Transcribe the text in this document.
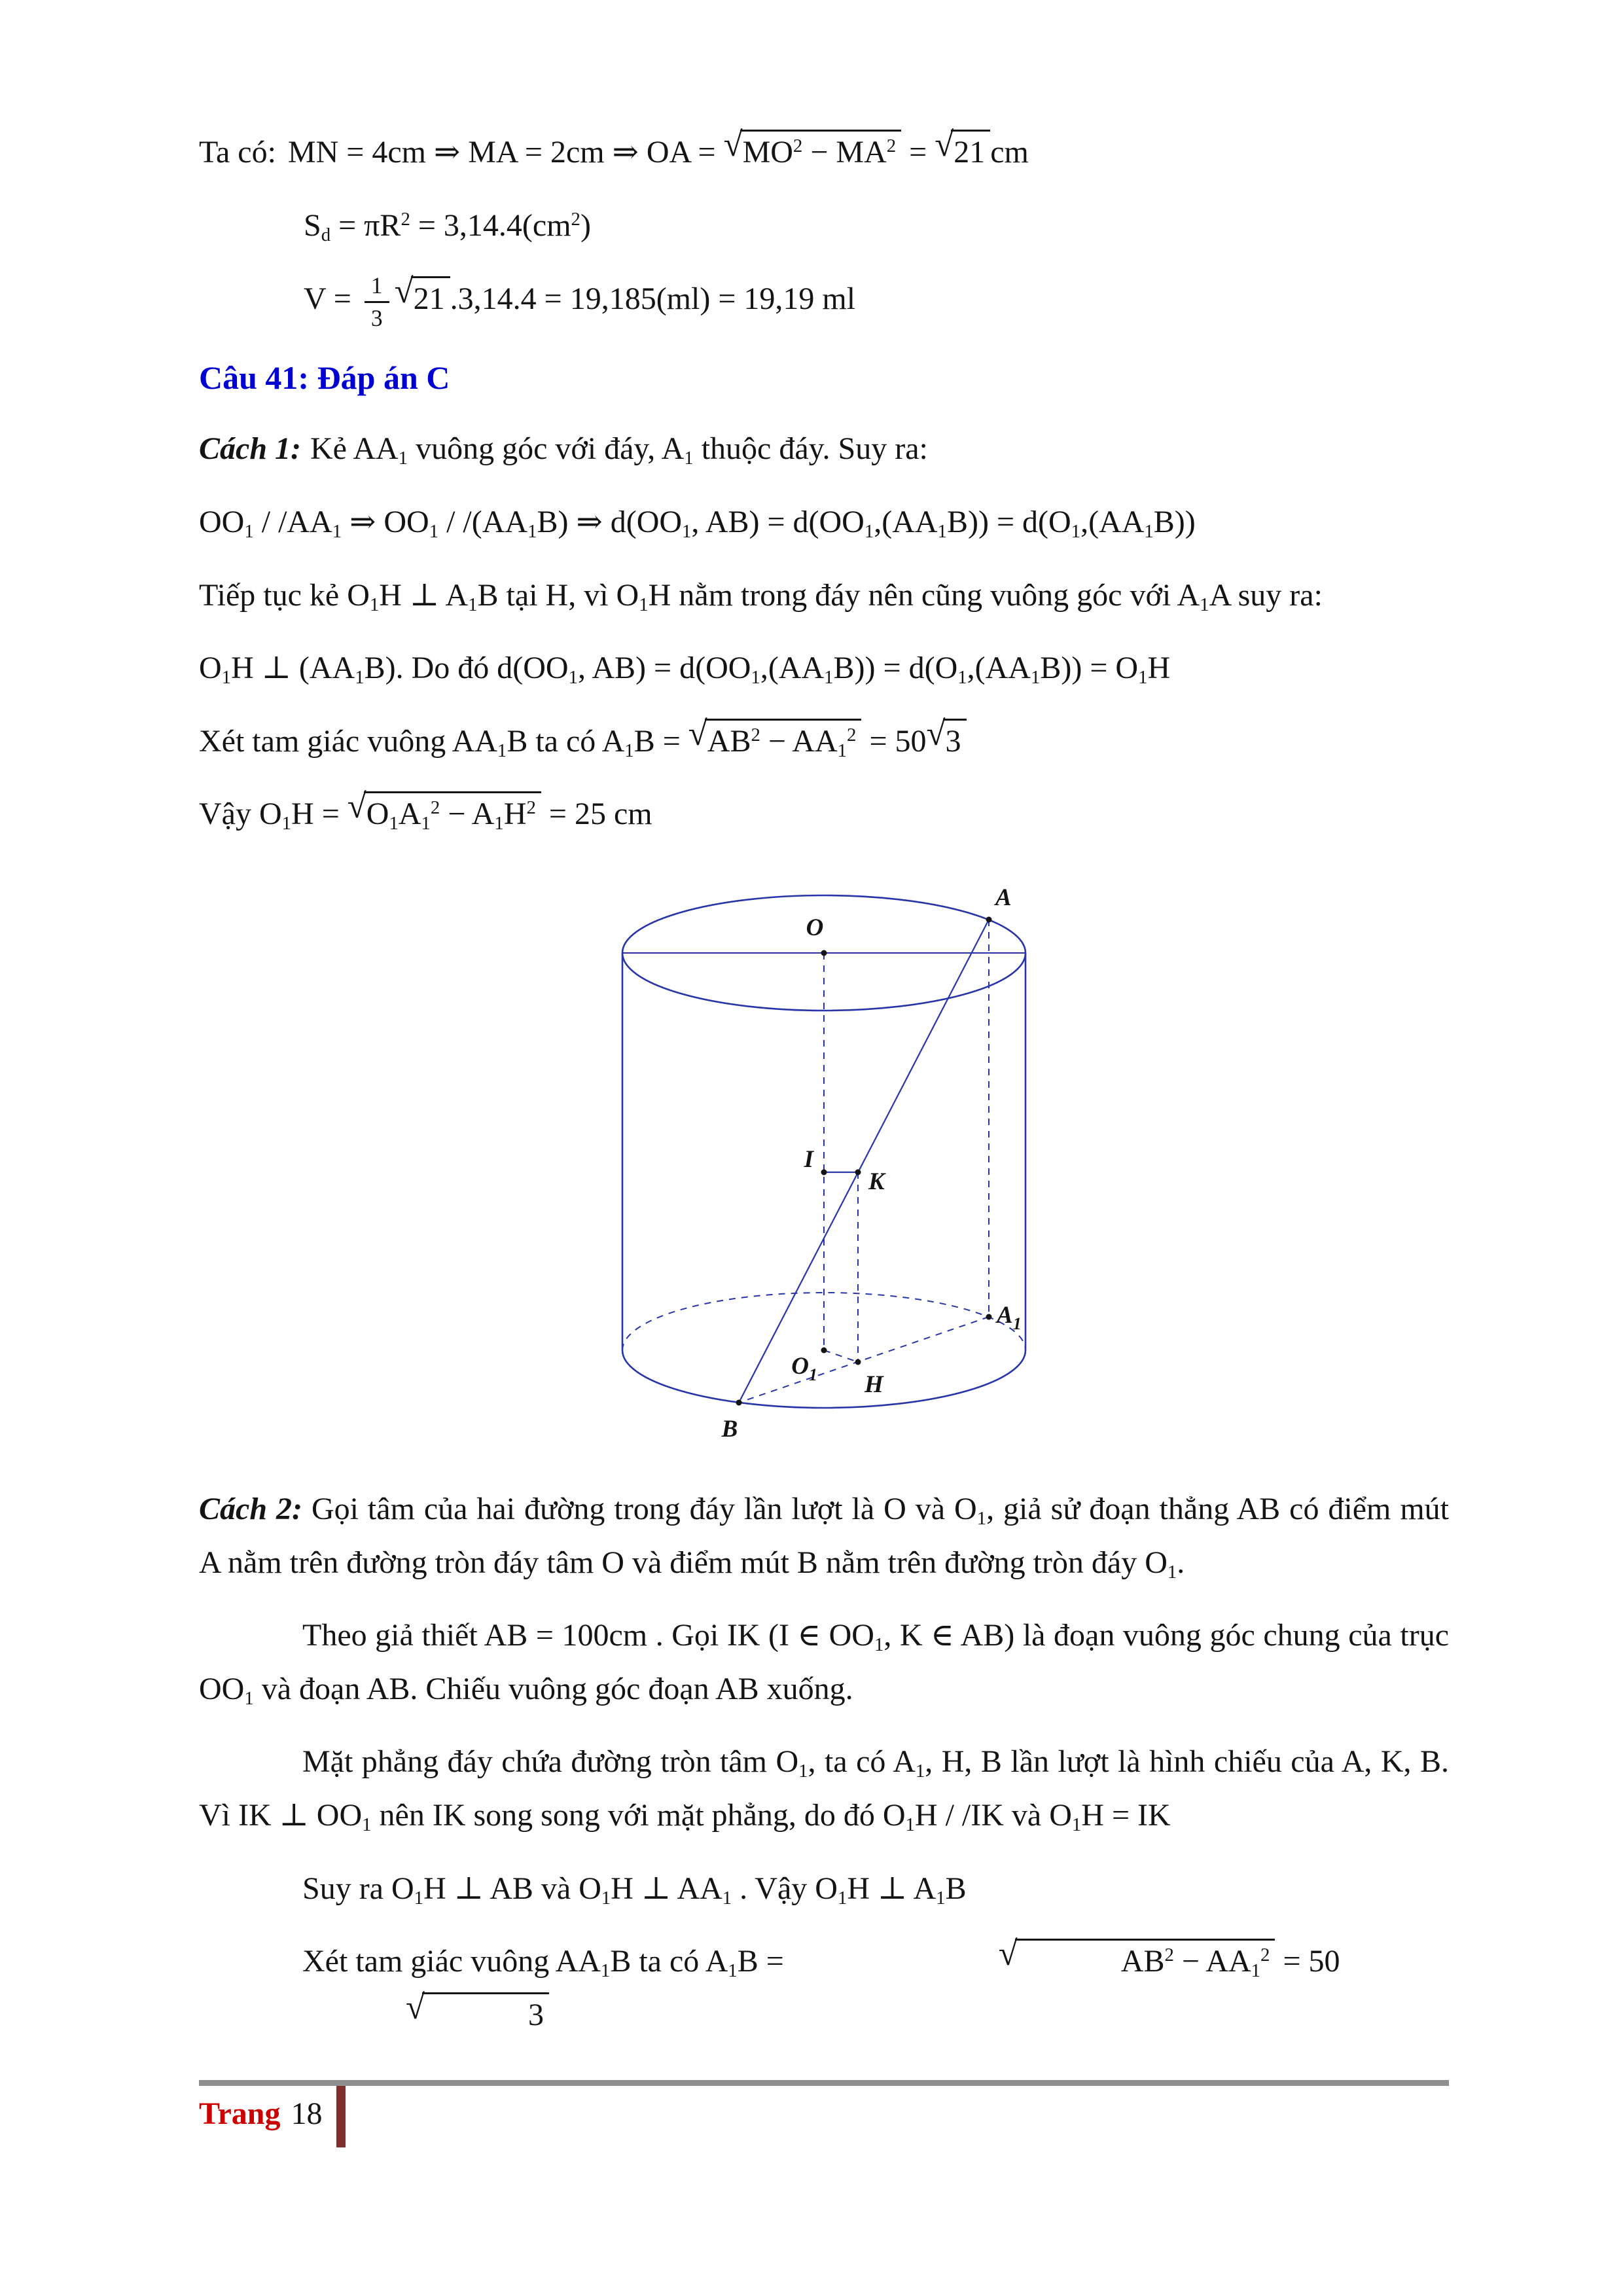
Ta có: MN = 4cm ⇒ MA = 2cm ⇒ OA = $√MO^2 - MA^2 = √21$ cm

$S_d = \pi R^2 = 3,14.4(cm^2)$

$V = \frac{1}{3} √21$ .3,14.4 = 19,185(ml) = 19,19 ml

Câu 41: Đáp án C

Cách 1: Kẻ $AA_1$ vuông góc với đáy, $A_1$ thuộc đáy. Suy ra:

$OO_1 / /AA_1$ ⇒ $OO_1 / /(AA_1B)$ ⇒ $d(OO_1$, $AB) = d(OO_1,(AA_1B)) = d(O_1,(AA_1B))$

Tiếp tục kẻ $O_1H$ ⊥ $A_1B$ tại H, vì $O_1H$ nằm trong đáy nên cũng vuông góc với $A_1A$ suy ra:

$O_1H$ ⊥ $(AA_1B)$. Do đó $d(OO_1$, $AB) = d(OO_1,(AA_1B)) = d(O_1,(AA_1B)) = O_1H$

Xét tam giác vuông $AA_1B$ ta có $A_1B = √AB^2 - AA_1^2 = 50√3$

Vậy $O_1H = √O_1A_1^2 - A_1H^2 = 25$ cm

O
A
I
K
$A_1$
$O_1$ H
B

Cách 2: Gọi tâm của hai đường trong đáy lần lượt là O và $O_1$, giả sử đoạn thẳng AB có điểm mút A nằm trên đường tròn đáy tâm O và điểm mút B nằm trên đường tròn đáy $O_1$.

Theo giả thiết AB = 100cm . Gọi IK (I ∈ $OO_1$, K ∈ AB) là đoạn vuông góc chung của trục $OO_1$ và đoạn AB. Chiếu vuông góc đoạn AB xuống.

Mặt phẳng đáy chứa đường tròn tâm $O_1$, ta có $A_1$, H, B lần lượt là hình chiếu của A, K, B. Vì IK ⊥ $OO_1$ nên IK song song với mặt phẳng, do đó $O_1H / /IK$ và $O_1H$ = IK

Suy ra $O_1H$ ⊥ AB và $O_1H$ ⊥ $AA_1$ . Vậy $O_1H$ ⊥ $A_1B$

Xét tam giác vuông $AA_1B$ ta có $A_1B$ =	√	$AB^2 - AA_1^2 = 50√$	3

Trang 18
